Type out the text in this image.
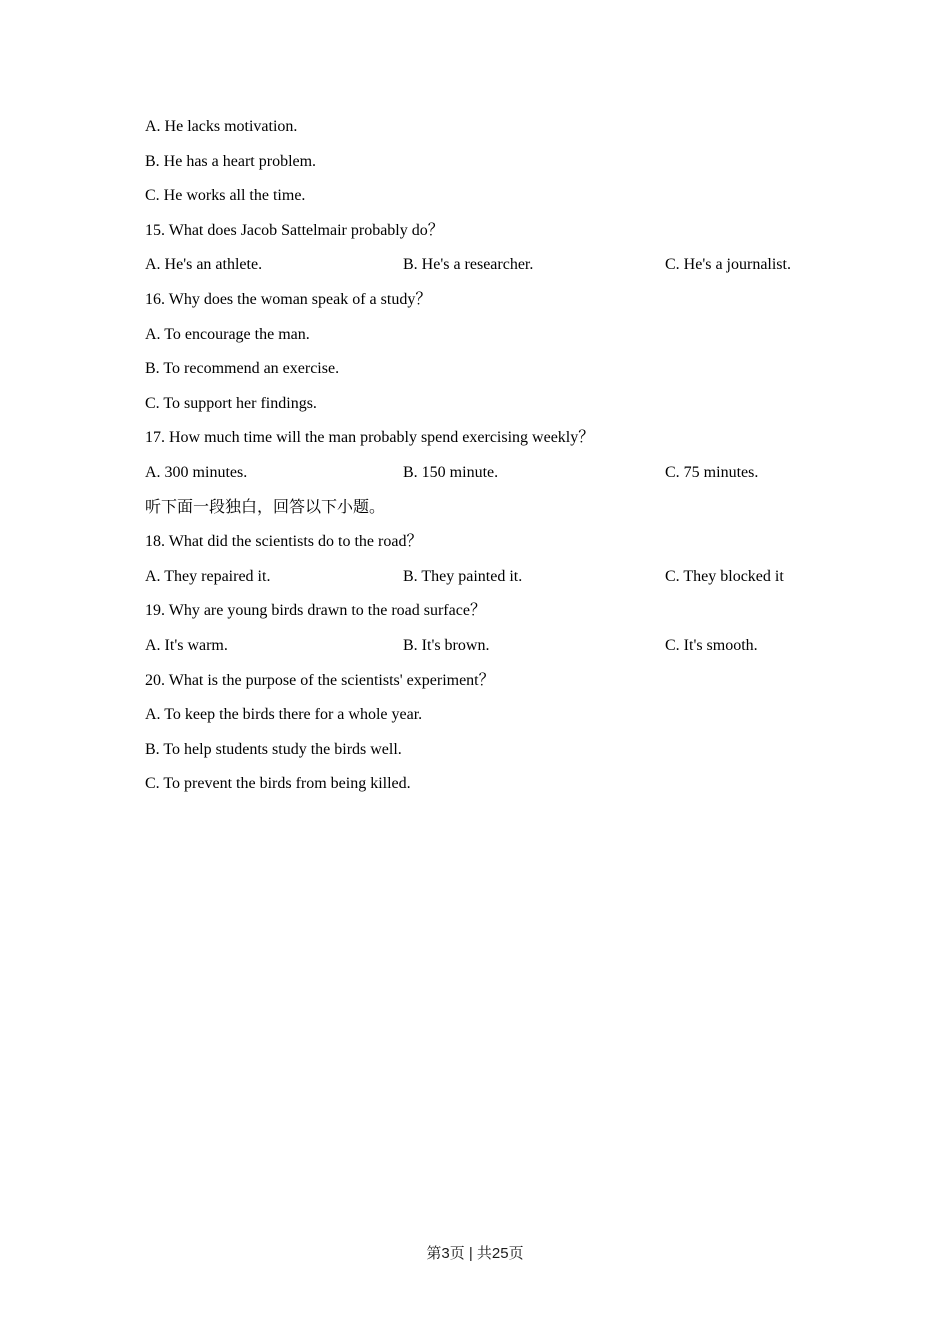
A. He lacks motivation.
B. He has a heart problem.
C. He works all the time.
15. What does Jacob Sattelmair probably do？
A. He's an athlete.	B. He's a researcher.	C. He's a journalist.
16. Why does the woman speak of a study？
A. To encourage the man.
B. To recommend an exercise.
C. To support her findings.
17. How much time will the man probably spend exercising weekly？
A. 300 minutes.	B. 150 minute.	C. 75 minutes.
听下面一段独白，回答以下小题。
18. What did the scientists do to the road？
A. They repaired it.	B. They painted it.	C. They blocked it
19. Why are young birds drawn to the road surface？
A. It's warm.	B. It's brown.	C. It's smooth.
20. What is the purpose of the scientists' experiment？
A. To keep the birds there for a whole year.
B. To help students study the birds well.
C. To prevent the birds from being killed.
第3页 | 共25页
